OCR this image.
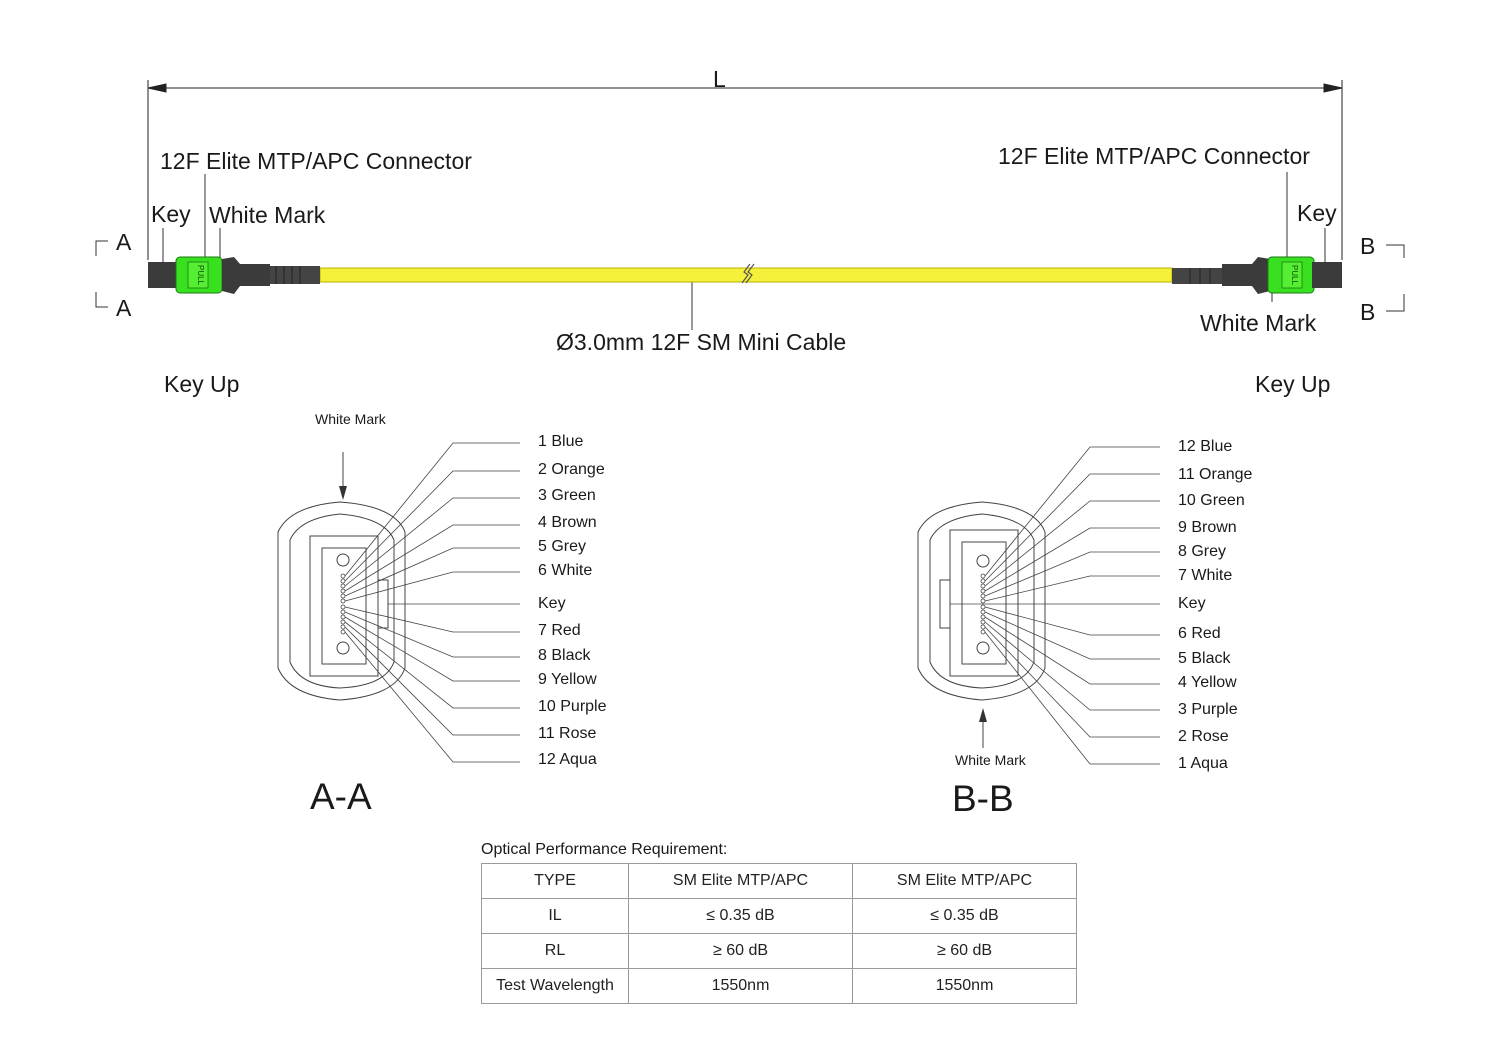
PULL	PULL
L
12F Elite MTP/APC Connector	12F Elite MTP/APC Connector
Key White Mark	Key
White Mark
A
A
B
B
Ø3.0mm 12F SM Mini Cable
Key Up	Key Up
White Mark
1 Blue
2 Orange
3 Green
4 Brown
5 Grey
6 White
Key
7 Red
8 Black
9 Yellow
10 Purple
11 Rose
12 Aqua
A-A
12 Blue
11 Orange
10 Green
9 Brown
8 Grey
7 White
Key
6 Red
5 Black
4 Yellow
3 Purple
2 Rose
1 Aqua
White Mark
B-B
Optical Performance Requirement:
TYPE	SM Elite MTP/APC	SM Elite MTP/APC
IL	≤ 0.35 dB	≤ 0.35 dB
RL	≥ 60 dB	≥ 60 dB
Test Wavelength	1550nm	1550nm
